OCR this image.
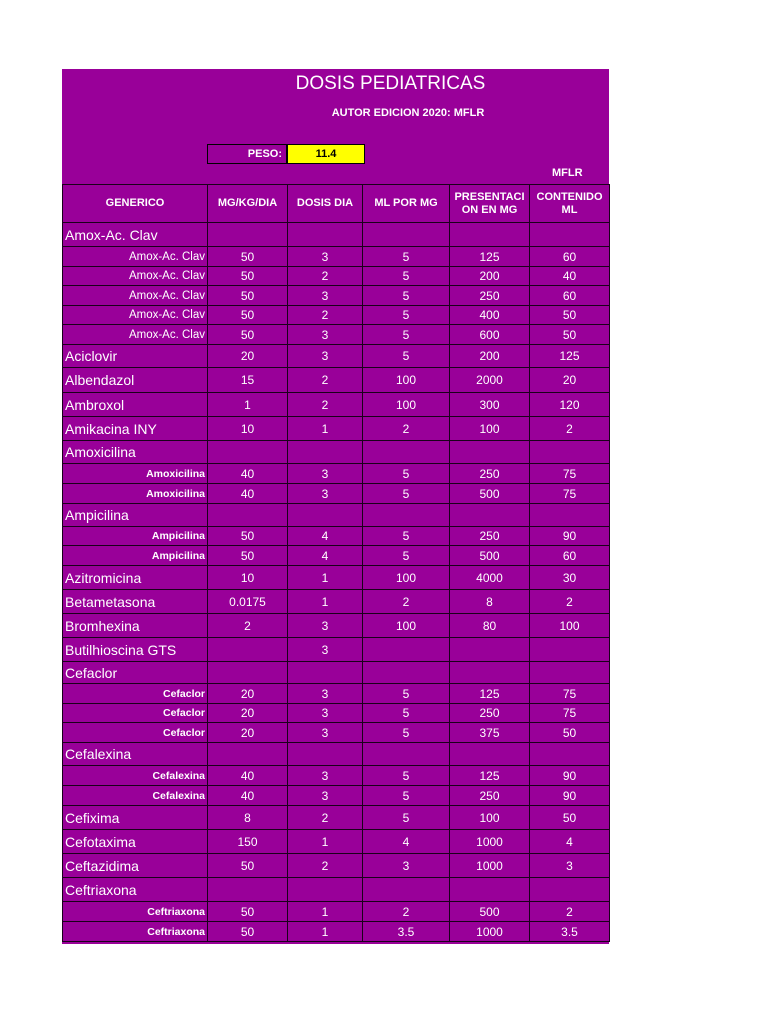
DOSIS PEDIATRICAS
AUTOR EDICION 2020: MFLR
PESO:	11.4
MFLR
GENERICO	MG/KG/DIA	DOSIS DIA	ML POR MG	PRESENTACI ON EN MG	CONTENIDO ML
Amox-Ac. Clav					
Amox-Ac. Clav	50	3	5	125	60
Amox-Ac. Clav	50	2	5	200	40
Amox-Ac. Clav	50	3	5	250	60
Amox-Ac. Clav	50	2	5	400	50
Amox-Ac. Clav	50	3	5	600	50
Aciclovir	20	3	5	200	125
Albendazol	15	2	100	2000	20
Ambroxol	1	2	100	300	120
Amikacina INY	10	1	2	100	2
Amoxicilina					
Amoxicilina	40	3	5	250	75
Amoxicilina	40	3	5	500	75
Ampicilina					
Ampicilina	50	4	5	250	90
Ampicilina	50	4	5	500	60
Azitromicina	10	1	100	4000	30
Betametasona	0.0175	1	2	8	2
Bromhexina	2	3	100	80	100
Butilhioscina GTS		3			
Cefaclor					
Cefaclor	20	3	5	125	75
Cefaclor	20	3	5	250	75
Cefaclor	20	3	5	375	50
Cefalexina					
Cefalexina	40	3	5	125	90
Cefalexina	40	3	5	250	90
Cefixima	8	2	5	100	50
Cefotaxima	150	1	4	1000	4
Ceftazidima	50	2	3	1000	3
Ceftriaxona					
Ceftriaxona	50	1	2	500	2
Ceftriaxona	50	1	3.5	1000	3.5
